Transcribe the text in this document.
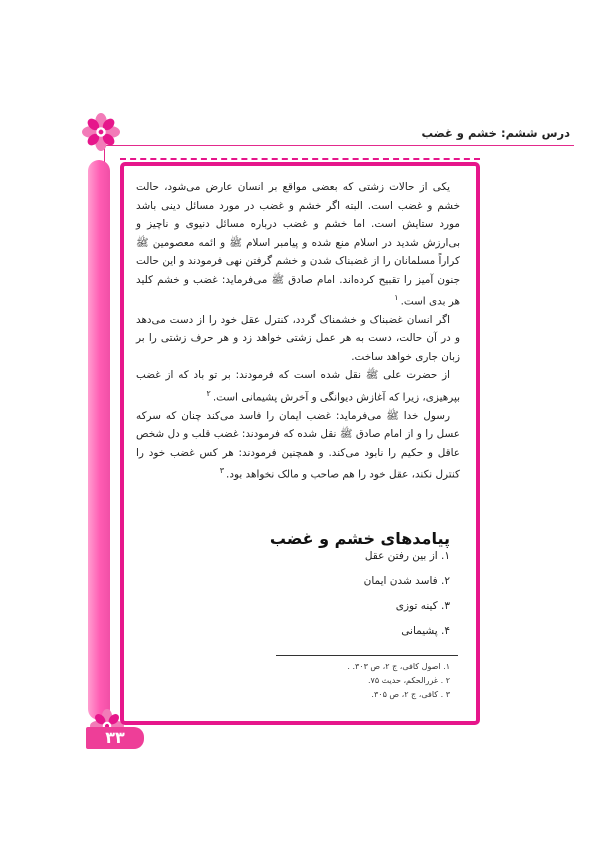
درس ششم: خشم و غضب
۳۳

یکی از حالات زشتی که بعضی مواقع بر انسان عارض می‌شود، حالت خشم و غضب است. البته اگر خشم و غضب در مورد مسائل دینی باشد مورد ستایش است. اما خشم و غضب درباره مسائل دنیوی و ناچیز و بی‌ارزش شدید در اسلام منع شده و پیامبر اسلام ﷺ و ائمه معصومین ﷺ کراراً مسلمانان را از غضبناک شدن و خشم گرفتن نهی فرمودند و این حالت جنون آمیز را تقبیح کرده‌اند. امام صادق ﷺ می‌فرماید: غضب و خشم کلید هر بدی است.$^۱$

اگر انسان غضبناک و خشمناک گردد، کنترل عقل خود را از دست می‌دهد و در آن حالت، دست به هر عمل زشتی خواهد زد و هر حرف زشتی را بر زبان جاری خواهد ساخت.

از حضرت علی ﷺ نقل شده است که فرمودند: بر تو باد که از غضب بپرهیزی، زیرا که آغازش دیوانگی و آخرش پشیمانی است.$^۲$

رسول خدا ﷺ می‌فرماید: غضب ایمان را فاسد می‌کند چنان که سرکه عسل را و از امام صادق ﷺ نقل شده که فرمودند: غضب قلب و دل شخص عاقل و حکیم را نابود می‌کند. و همچنین فرمودند: هر کس غضب خود را کنترل نکند، عقل خود را هم صاحب و مالک نخواهد بود.$^۳$

پیامدهای خشم و غضب
۱. از بین رفتن عقل
۲. فاسد شدن ایمان
۳. کینه توزی
۴. پشیمانی
۱. اصول کافی، ج ۲، ص ۳۰۳. .
۲ . غررالحکم، حدیث ۷۵.
۳ . کافی، ج ۲، ص ۳۰۵.
